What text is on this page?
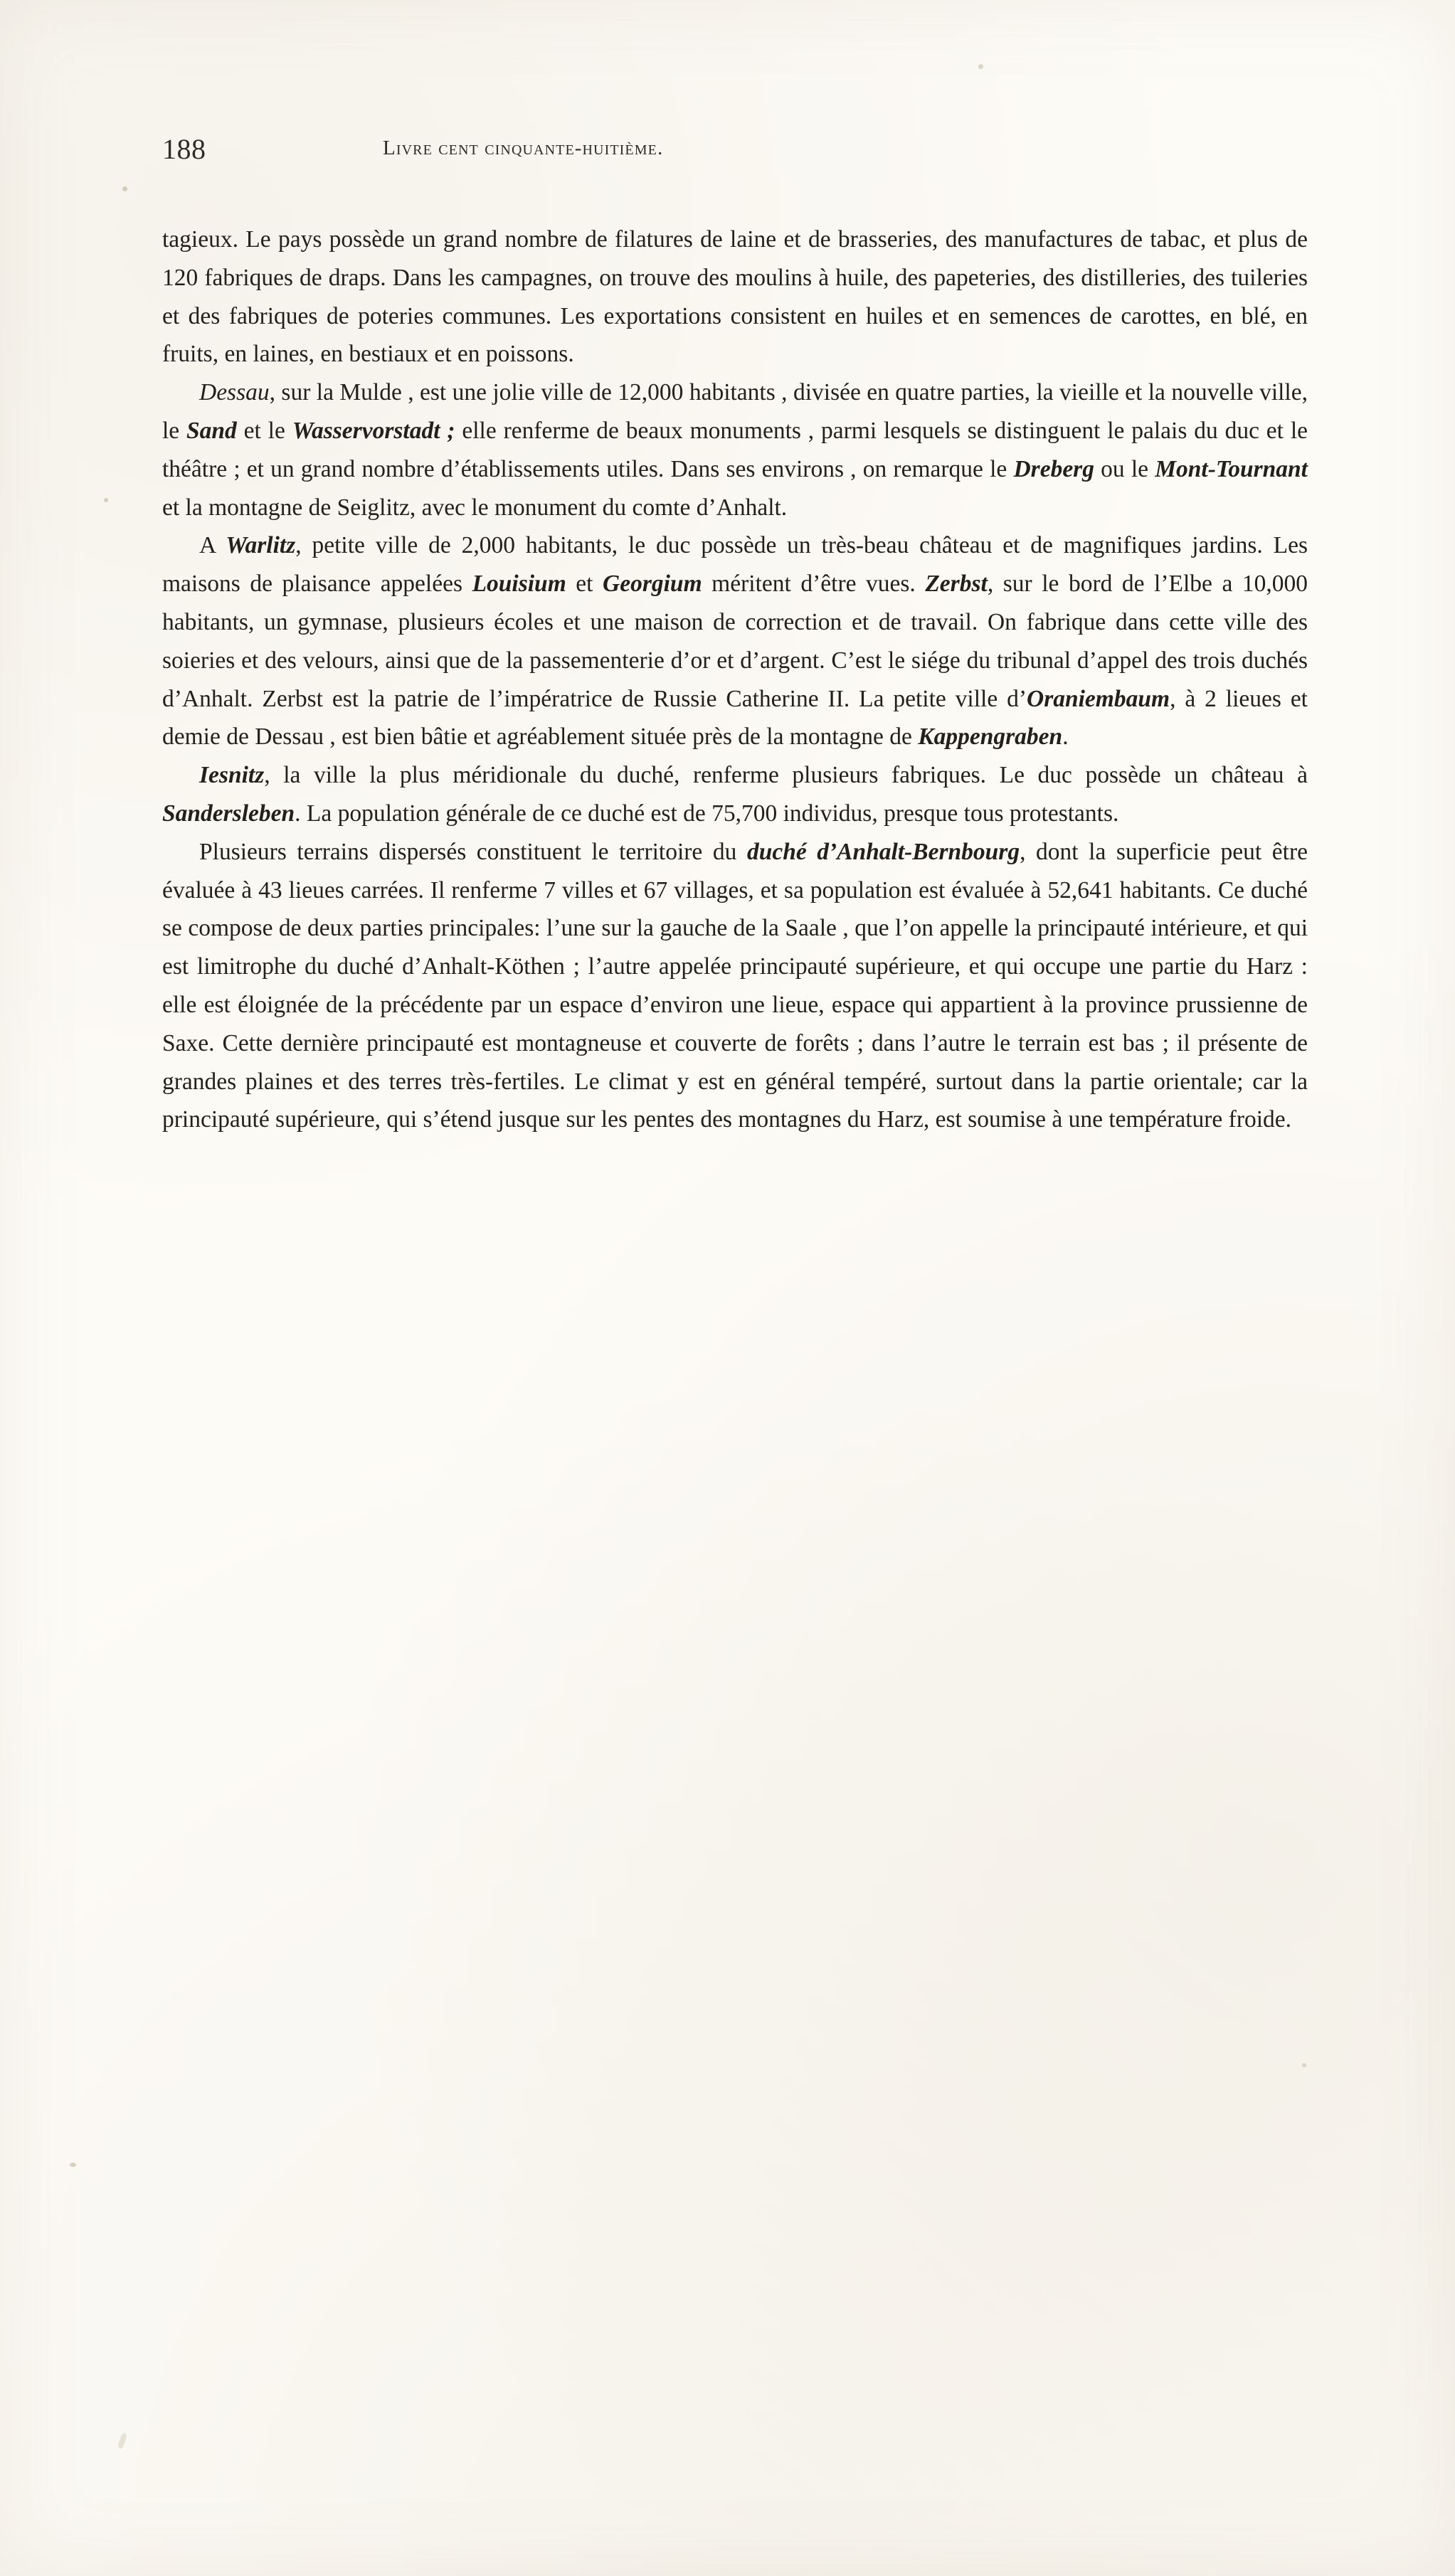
188	livre cent cinquante-huitième.

tagieux. Le pays possède un grand nombre de filatures de laine et de brasseries, des manufactures de tabac, et plus de 120 fabriques de draps. Dans les campagnes, on trouve des moulins à huile, des papeteries, des distilleries, des tuileries et des fabriques de poteries communes. Les exportations consistent en huiles et en semences de carottes, en blé, en fruits, en laines, en bestiaux et en poissons.

Dessau, sur la Mulde , est une jolie ville de 12,000 habitants , divisée en quatre parties, la vieille et la nouvelle ville, le Sand et le Wasservorstadt ; elle renferme de beaux monuments , parmi lesquels se distinguent le palais du duc et le théâtre ; et un grand nombre d’établissements utiles. Dans ses environs , on remarque le Dreberg ou le Mont-Tournant et la montagne de Seiglitz, avec le monument du comte d’Anhalt.

A Warlitz, petite ville de 2,000 habitants, le duc possède un très-beau château et de magnifiques jardins. Les maisons de plaisance appelées Louisium et Georgium méritent d’être vues. Zerbst, sur le bord de l’Elbe a 10,000 habitants, un gymnase, plusieurs écoles et une maison de correction et de travail. On fabrique dans cette ville des soieries et des velours, ainsi que de la passementerie d’or et d’argent. C’est le siége du tribunal d’appel des trois duchés d’Anhalt. Zerbst est la patrie de l’impératrice de Russie Catherine II. La petite ville d’Oraniembaum, à 2 lieues et demie de Dessau , est bien bâtie et agréablement située près de la montagne de Kappengraben.

Iesnitz, la ville la plus méridionale du duché, renferme plusieurs fabriques. Le duc possède un château à Sandersleben. La population générale de ce duché est de 75,700 individus, presque tous protestants.

Plusieurs terrains dispersés constituent le territoire du duché d’Anhalt-Bernbourg, dont la superficie peut être évaluée à 43 lieues carrées. Il renferme 7 villes et 67 villages, et sa population est évaluée à 52,641 habitants. Ce duché se compose de deux parties principales: l’une sur la gauche de la Saale , que l’on appelle la principauté intérieure, et qui est limitrophe du duché d’Anhalt-Köthen ; l’autre appelée principauté supérieure, et qui occupe une partie du Harz : elle est éloignée de la précédente par un espace d’environ une lieue, espace qui appartient à la province prussienne de Saxe. Cette dernière principauté est montagneuse et couverte de forêts ; dans l’autre le terrain est bas ; il présente de grandes plaines et des terres très-fertiles. Le climat y est en général tempéré, surtout dans la partie orientale; car la principauté supérieure, qui s’étend jusque sur les pentes des montagnes du Harz, est soumise à une température froide.
